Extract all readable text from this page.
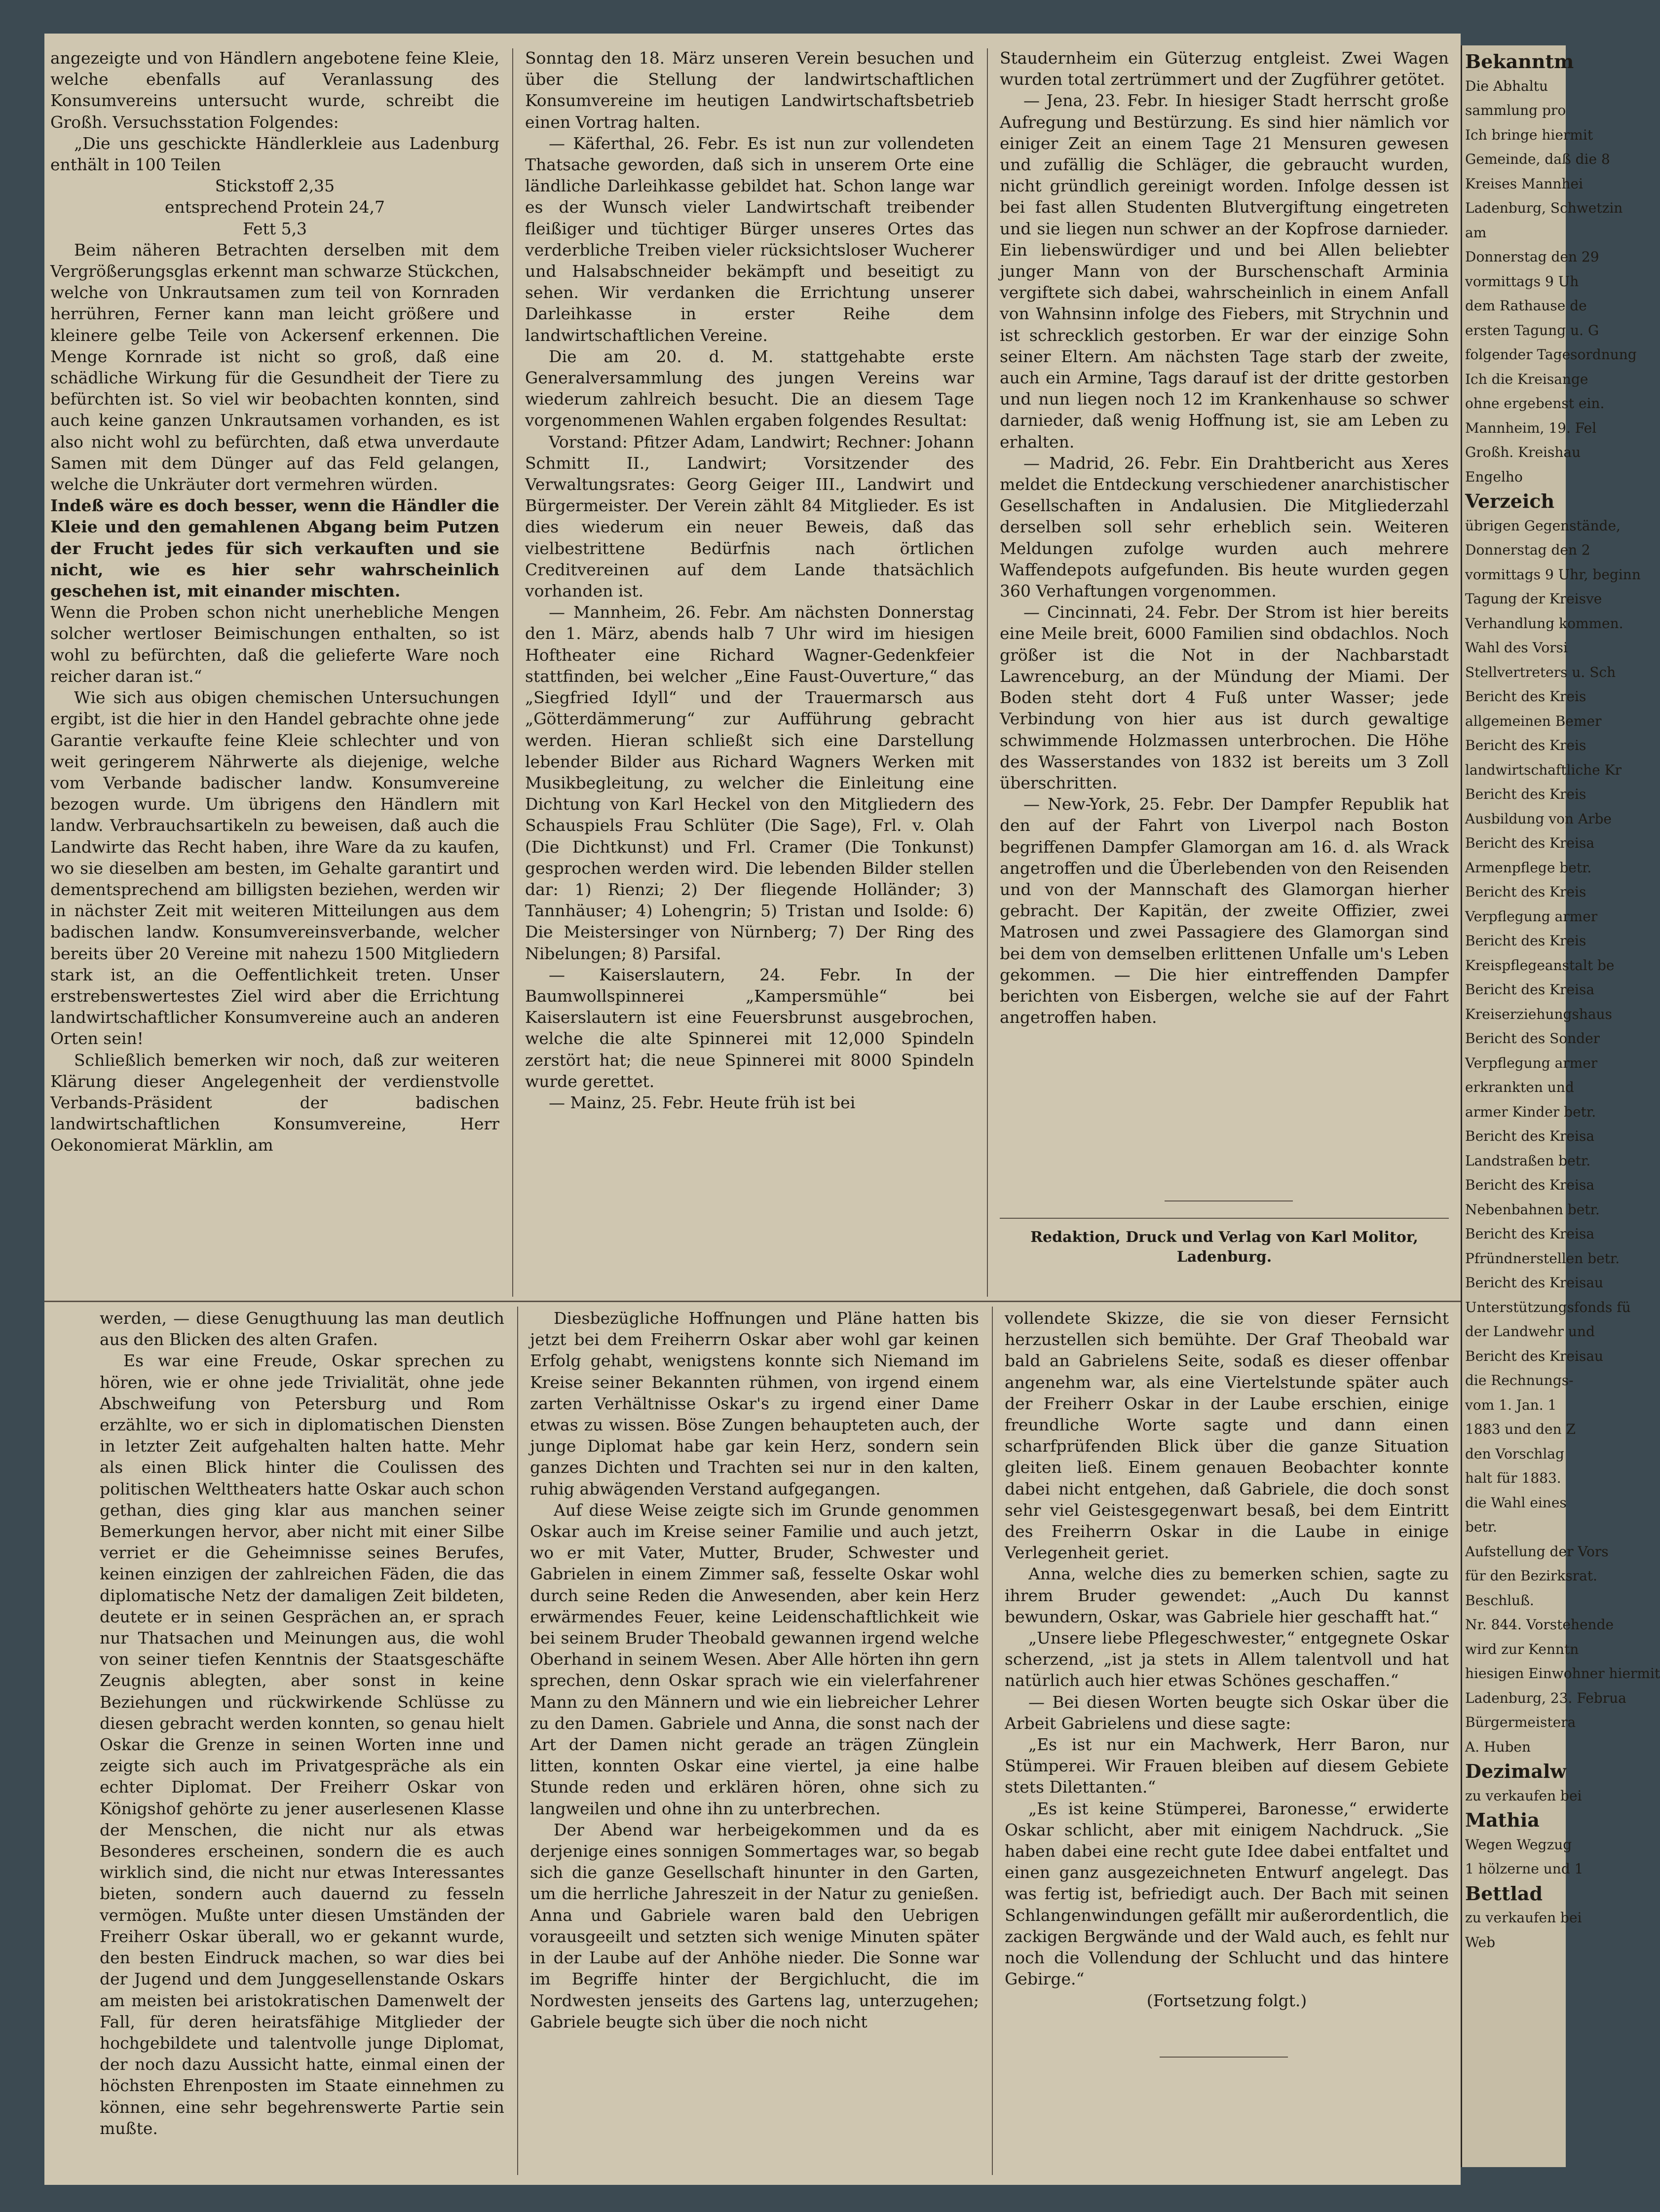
angezeigte und von Händlern angebotene feine Kleie, welche ebenfalls auf Veranlassung des Konsumvereins untersucht wurde, schreibt die Großh. Versuchsstation Folgendes:

„Die uns geschickte Händlerkleie aus Ladenburg enthält in 100 Teilen

Stickstoff 2,35

entsprechend Protein 24,7

Fett 5,3

Beim näheren Betrachten derselben mit dem Vergrößerungsglas erkennt man schwarze Stückchen, welche von Unkrautsamen zum teil von Kornraden herrühren, Ferner kann man leicht größere und kleinere gelbe Teile von Ackersenf erkennen. Die Menge Kornrade ist nicht so groß, daß eine schädliche Wirkung für die Gesundheit der Tiere zu befürchten ist. So viel wir beobachten konnten, sind auch keine ganzen Unkrautsamen vorhanden, es ist also nicht wohl zu befürchten, daß etwa unverdaute Samen mit dem Dünger auf das Feld gelangen, welche die Unkräuter dort vermehren würden.

Indeß wäre es doch besser, wenn die Händler die Kleie und den gemahlenen Abgang beim Putzen der Frucht jedes für sich verkauften und sie nicht, wie es hier sehr wahrscheinlich geschehen ist, mit einander mischten.

Wenn die Proben schon nicht unerhebliche Mengen solcher wertloser Beimischungen enthalten, so ist wohl zu befürchten, daß die gelieferte Ware noch reicher daran ist.“

Wie sich aus obigen chemischen Untersuchungen ergibt, ist die hier in den Handel gebrachte ohne jede Garantie verkaufte feine Kleie schlechter und von weit geringerem Nährwerte als diejenige, welche vom Verbande badischer landw. Konsumvereine bezogen wurde. Um übrigens den Händlern mit landw. Verbrauchsartikeln zu beweisen, daß auch die Landwirte das Recht haben, ihre Ware da zu kaufen, wo sie dieselben am besten, im Gehalte garantirt und dementsprechend am billigsten beziehen, werden wir in nächster Zeit mit weiteren Mitteilungen aus dem badischen landw. Konsumvereinsverbande, welcher bereits über 20 Vereine mit nahezu 1500 Mitgliedern stark ist, an die Oeffentlichkeit treten. Unser erstrebenswertestes Ziel wird aber die Errichtung landwirtschaftlicher Konsumvereine auch an anderen Orten sein!

Schließlich bemerken wir noch, daß zur weiteren Klärung dieser Angelegenheit der verdienstvolle Verbands-Präsident der badischen landwirtschaftlichen Konsumvereine, Herr Oekonomierat Märklin, am

Sonntag den 18. März unseren Verein besuchen und über die Stellung der landwirtschaftlichen Konsumvereine im heutigen Landwirtschaftsbetrieb einen Vortrag halten.

— Käferthal, 26. Febr. Es ist nun zur vollendeten Thatsache geworden, daß sich in unserem Orte eine ländliche Darleihkasse gebildet hat. Schon lange war es der Wunsch vieler Landwirtschaft treibender fleißiger und tüchtiger Bürger unseres Ortes das verderbliche Treiben vieler rücksichtsloser Wucherer und Halsabschneider bekämpft und beseitigt zu sehen. Wir verdanken die Errichtung unserer Darleihkasse in erster Reihe dem landwirtschaftlichen Vereine.

Die am 20. d. M. stattgehabte erste Generalversammlung des jungen Vereins war wiederum zahlreich besucht. Die an diesem Tage vorgenommenen Wahlen ergaben folgendes Resultat:

Vorstand: Pfitzer Adam, Landwirt; Rechner: Johann Schmitt II., Landwirt; Vorsitzender des Verwaltungsrates: Georg Geiger III., Landwirt und Bürgermeister. Der Verein zählt 84 Mitglieder. Es ist dies wiederum ein neuer Beweis, daß das vielbestrittene Bedürfnis nach örtlichen Creditvereinen auf dem Lande thatsächlich vorhanden ist.

— Mannheim, 26. Febr. Am nächsten Donnerstag den 1. März, abends halb 7 Uhr wird im hiesigen Hoftheater eine Richard Wagner-Gedenkfeier stattfinden, bei welcher „Eine Faust-Ouverture,“ das „Siegfried Idyll“ und der Trauermarsch aus „Götterdämmerung“ zur Aufführung gebracht werden. Hieran schließt sich eine Darstellung lebender Bilder aus Richard Wagners Werken mit Musikbegleitung, zu welcher die Einleitung eine Dichtung von Karl Heckel von den Mitgliedern des Schauspiels Frau Schlüter (Die Sage), Frl. v. Olah (Die Dichtkunst) und Frl. Cramer (Die Tonkunst) gesprochen werden wird. Die lebenden Bilder stellen dar: 1) Rienzi; 2) Der fliegende Holländer; 3) Tannhäuser; 4) Lohengrin; 5) Tristan und Isolde: 6) Die Meistersinger von Nürnberg; 7) Der Ring des Nibelungen; 8) Parsifal.

— Kaiserslautern, 24. Febr. In der Baumwollspinnerei „Kampersmühle“ bei Kaiserslautern ist eine Feuersbrunst ausgebrochen, welche die alte Spinnerei mit 12,000 Spindeln zerstört hat; die neue Spinnerei mit 8000 Spindeln wurde gerettet.

— Mainz, 25. Febr. Heute früh ist bei

Staudernheim ein Güterzug entgleist. Zwei Wagen wurden total zertrümmert und der Zugführer getötet.

— Jena, 23. Febr. In hiesiger Stadt herrscht große Aufregung und Bestürzung. Es sind hier nämlich vor einiger Zeit an einem Tage 21 Mensuren gewesen und zufällig die Schläger, die gebraucht wurden, nicht gründlich gereinigt worden. Infolge dessen ist bei fast allen Studenten Blutvergiftung eingetreten und sie liegen nun schwer an der Kopfrose darnieder. Ein liebenswürdiger und und bei Allen beliebter junger Mann von der Burschenschaft Arminia vergiftete sich dabei, wahrscheinlich in einem Anfall von Wahnsinn infolge des Fiebers, mit Strychnin und ist schrecklich gestorben. Er war der einzige Sohn seiner Eltern. Am nächsten Tage starb der zweite, auch ein Armine, Tags darauf ist der dritte gestorben und nun liegen noch 12 im Krankenhause so schwer darnieder, daß wenig Hoffnung ist, sie am Leben zu erhalten.

— Madrid, 26. Febr. Ein Drahtbericht aus Xeres meldet die Entdeckung verschiedener anarchistischer Gesellschaften in Andalusien. Die Mitgliederzahl derselben soll sehr erheblich sein. Weiteren Meldungen zufolge wurden auch mehrere Waffendepots aufgefunden. Bis heute wurden gegen 360 Verhaftungen vorgenommen.

— Cincinnati, 24. Febr. Der Strom ist hier bereits eine Meile breit, 6000 Familien sind obdachlos. Noch größer ist die Not in der Nachbarstadt Lawrenceburg, an der Mündung der Miami. Der Boden steht dort 4 Fuß unter Wasser; jede Verbindung von hier aus ist durch gewaltige schwimmende Holzmassen unterbrochen. Die Höhe des Wasserstandes von 1832 ist bereits um 3 Zoll überschritten.

— New-York, 25. Febr. Der Dampfer Republik hat den auf der Fahrt von Liverpol nach Boston begriffenen Dampfer Glamorgan am 16. d. als Wrack angetroffen und die Überlebenden von den Reisenden und von der Mannschaft des Glamorgan hierher gebracht. Der Kapitän, der zweite Offizier, zwei Matrosen und zwei Passagiere des Glamorgan sind bei dem von demselben erlittenen Unfalle um's Leben gekommen. — Die hier eintreffenden Dampfer berichten von Eisbergen, welche sie auf der Fahrt angetroffen haben.

Redaktion, Druck und Verlag von Karl Molitor, Ladenburg.

werden, — diese Genugthuung las man deutlich aus den Blicken des alten Grafen.

Es war eine Freude, Oskar sprechen zu hören, wie er ohne jede Trivialität, ohne jede Abschweifung von Petersburg und Rom erzählte, wo er sich in diplomatischen Diensten in letzter Zeit aufgehalten halten hatte. Mehr als einen Blick hinter die Coulissen des politischen Welttheaters hatte Oskar auch schon gethan, dies ging klar aus manchen seiner Bemerkungen hervor, aber nicht mit einer Silbe verriet er die Geheimnisse seines Berufes, keinen einzigen der zahlreichen Fäden, die das diplomatische Netz der damaligen Zeit bildeten, deutete er in seinen Gesprächen an, er sprach nur Thatsachen und Meinungen aus, die wohl von seiner tiefen Kenntnis der Staatsgeschäfte Zeugnis ablegten, aber sonst in keine Beziehungen und rückwirkende Schlüsse zu diesen gebracht werden konnten, so genau hielt Oskar die Grenze in seinen Worten inne und zeigte sich auch im Privatgespräche als ein echter Diplomat. Der Freiherr Oskar von Königshof gehörte zu jener auserlesenen Klasse der Menschen, die nicht nur als etwas Besonderes erscheinen, sondern die es auch wirklich sind, die nicht nur etwas Interessantes bieten, sondern auch dauernd zu fesseln vermögen. Mußte unter diesen Umständen der Freiherr Oskar überall, wo er gekannt wurde, den besten Eindruck machen, so war dies bei der Jugend und dem Junggesellenstande Oskars am meisten bei aristokratischen Damenwelt der Fall, für deren heiratsfähige Mitglieder der hochgebildete und talentvolle junge Diplomat, der noch dazu Aussicht hatte, einmal einen der höchsten Ehrenposten im Staate einnehmen zu können, eine sehr begehrenswerte Partie sein mußte.

Diesbezügliche Hoffnungen und Pläne hatten bis jetzt bei dem Freiherrn Oskar aber wohl gar keinen Erfolg gehabt, wenigstens konnte sich Niemand im Kreise seiner Bekannten rühmen, von irgend einem zarten Verhältnisse Oskar's zu irgend einer Dame etwas zu wissen. Böse Zungen behaupteten auch, der junge Diplomat habe gar kein Herz, sondern sein ganzes Dichten und Trachten sei nur in den kalten, ruhig abwägenden Verstand aufgegangen.

Auf diese Weise zeigte sich im Grunde genommen Oskar auch im Kreise seiner Familie und auch jetzt, wo er mit Vater, Mutter, Bruder, Schwester und Gabrielen in einem Zimmer saß, fesselte Oskar wohl durch seine Reden die Anwesenden, aber kein Herz erwärmendes Feuer, keine Leidenschaftlichkeit wie bei seinem Bruder Theobald gewannen irgend welche Oberhand in seinem Wesen. Aber Alle hörten ihn gern sprechen, denn Oskar sprach wie ein vielerfahrener Mann zu den Männern und wie ein liebreicher Lehrer zu den Damen. Gabriele und Anna, die sonst nach der Art der Damen nicht gerade an trägen Zünglein litten, konnten Oskar eine viertel, ja eine halbe Stunde reden und erklären hören, ohne sich zu langweilen und ohne ihn zu unterbrechen.

Der Abend war herbeigekommen und da es derjenige eines sonnigen Sommertages war, so begab sich die ganze Gesellschaft hinunter in den Garten, um die herrliche Jahreszeit in der Natur zu genießen. Anna und Gabriele waren bald den Uebrigen vorausgeeilt und setzten sich wenige Minuten später in der Laube auf der Anhöhe nieder. Die Sonne war im Begriffe hinter der Bergichlucht, die im Nordwesten jenseits des Gartens lag, unterzugehen; Gabriele beugte sich über die noch nicht

vollendete Skizze, die sie von dieser Fernsicht herzustellen sich bemühte. Der Graf Theobald war bald an Gabrielens Seite, sodaß es dieser offenbar angenehm war, als eine Viertelstunde später auch der Freiherr Oskar in der Laube erschien, einige freundliche Worte sagte und dann einen scharfprüfenden Blick über die ganze Situation gleiten ließ. Einem genauen Beobachter konnte dabei nicht entgehen, daß Gabriele, die doch sonst sehr viel Geistesgegenwart besaß, bei dem Eintritt des Freiherrn Oskar in die Laube in einige Verlegenheit geriet.

Anna, welche dies zu bemerken schien, sagte zu ihrem Bruder gewendet: „Auch Du kannst bewundern, Oskar, was Gabriele hier geschafft hat.“

„Unsere liebe Pflegeschwester,“ entgegnete Oskar scherzend, „ist ja stets in Allem talentvoll und hat natürlich auch hier etwas Schönes geschaffen.“

— Bei diesen Worten beugte sich Oskar über die Arbeit Gabrielens und diese sagte:

„Es ist nur ein Machwerk, Herr Baron, nur Stümperei. Wir Frauen bleiben auf diesem Gebiete stets Dilettanten.“

„Es ist keine Stümperei, Baronesse,“ erwiderte Oskar schlicht, aber mit einigem Nachdruck. „Sie haben dabei eine recht gute Idee dabei entfaltet und einen ganz ausgezeichneten Entwurf angelegt. Das was fertig ist, befriedigt auch. Der Bach mit seinen Schlangenwindungen gefällt mir außerordentlich, die zackigen Bergwände und der Wald auch, es fehlt nur noch die Vollendung der Schlucht und das hintere Gebirge.“

(Fortsetzung folgt.)

Bekanntm
Die Abhaltu
sammlung pro
Ich bringe hiermit
Gemeinde, daß die 8
Kreises Mannhei
Ladenburg, Schwetzin
am
Donnerstag den 29
vormittags 9 Uh
dem Rathause de
ersten Tagung u. G
folgender Tagesordnung
Ich die Kreisange
ohne ergebenst ein.
Mannheim, 19. Fel
Großh. Kreishau
Engelho
Verzeich
übrigen Gegenstände,
Donnerstag den 2
vormittags 9 Uhr, beginn
Tagung der Kreisve
Verhandlung kommen.
Wahl des Vorsi
Stellvertreters u. Sch
Bericht des Kreis
allgemeinen Bemer
Bericht des Kreis
landwirtschaftliche Kr
Bericht des Kreis
Ausbildung von Arbe
Bericht des Kreisa
Armenpflege betr.
Bericht des Kreis
Verpflegung armer
Bericht des Kreis
Kreispflegeanstalt be
Bericht des Kreisa
Kreiserziehungshaus
Bericht des Sonder
Verpflegung armer
erkrankten und
armer Kinder betr.
Bericht des Kreisa
Landstraßen betr.
Bericht des Kreisa
Nebenbahnen betr.
Bericht des Kreisa
Pfründnerstellen betr.
Bericht des Kreisau
Unterstützungsfonds fü
der Landwehr und
Bericht des Kreisau
die Rechnungs-
vom 1. Jan. 1
1883 und den Z
den Vorschlag
halt für 1883.
die Wahl eines
betr.
Aufstellung der Vors
für den Bezirksrat.
Beschluß.
Nr. 844. Vorstehende
wird zur Kenntn
hiesigen Einwohner hiermit
Ladenburg, 23. Februa
Bürgermeistera
A. Huben
Dezimalw
zu verkaufen bei
Mathia
Wegen Wegzug
1 hölzerne und 1
Bettlad
zu verkaufen bei
Web
